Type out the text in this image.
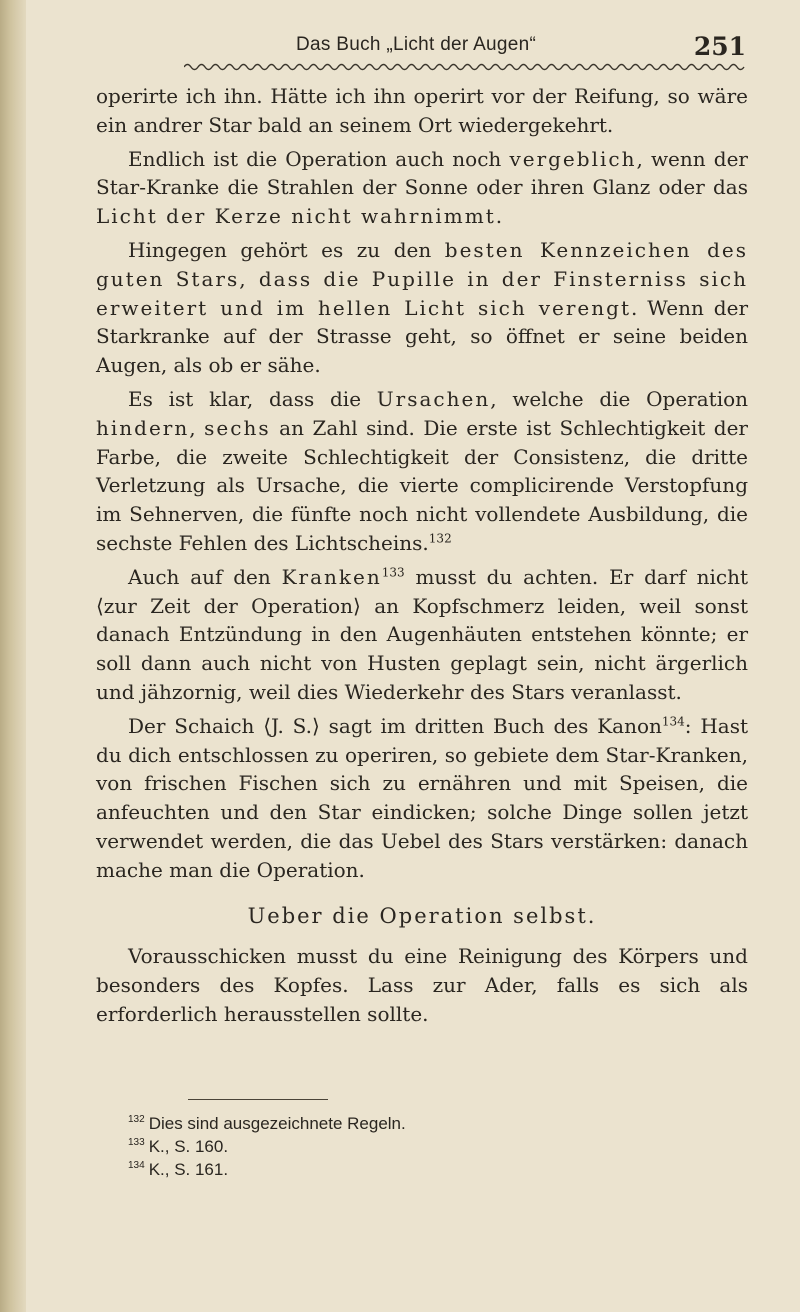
Das Buch „Licht der Augen“	251

operirte ich ihn. Hätte ich ihn operirt vor der Reifung, so wäre ein andrer Star bald an seinem Ort wiedergekehrt.

Endlich ist die Operation auch noch vergeblich, wenn der Star-Kranke die Strahlen der Sonne oder ihren Glanz oder das Licht der Kerze nicht wahrnimmt.

Hingegen gehört es zu den besten Kennzeichen des guten Stars, dass die Pupille in der Finsterniss sich erweitert und im hellen Licht sich verengt. Wenn der Starkranke auf der Strasse geht, so öffnet er seine beiden Augen, als ob er sähe.

Es ist klar, dass die Ursachen, welche die Operation hindern, sechs an Zahl sind. Die erste ist Schlechtigkeit der Farbe, die zweite Schlechtigkeit der Consistenz, die dritte Verletzung als Ursache, die vierte complicirende Verstopfung im Sehnerven, die fünfte noch nicht vollendete Ausbildung, die sechste Fehlen des Lichtscheins.$^{132}$

Auch auf den Kranken$^{133}$ musst du achten. Er darf nicht ⟨zur Zeit der Operation⟩ an Kopfschmerz leiden, weil sonst danach Entzündung in den Augenhäuten entstehen könnte; er soll dann auch nicht von Husten geplagt sein, nicht ärgerlich und jähzornig, weil dies Wiederkehr des Stars veranlasst.

Der Schaich ⟨J. S.⟩ sagt im dritten Buch des Kanon$^{134}$: Hast du dich entschlossen zu operiren, so gebiete dem Star-Kranken, von frischen Fischen sich zu ernähren und mit Speisen, die anfeuchten und den Star eindicken; solche Dinge sollen jetzt verwendet werden, die das Uebel des Stars verstärken: danach mache man die Operation.

Ueber die Operation selbst.

Vorausschicken musst du eine Reinigung des Körpers und besonders des Kopfes. Lass zur Ader, falls es sich als erforderlich herausstellen sollte.

$^{132}$ Dies sind ausgezeichnete Regeln.
$^{133}$ K., S. 160.
$^{134}$ K., S. 161.
